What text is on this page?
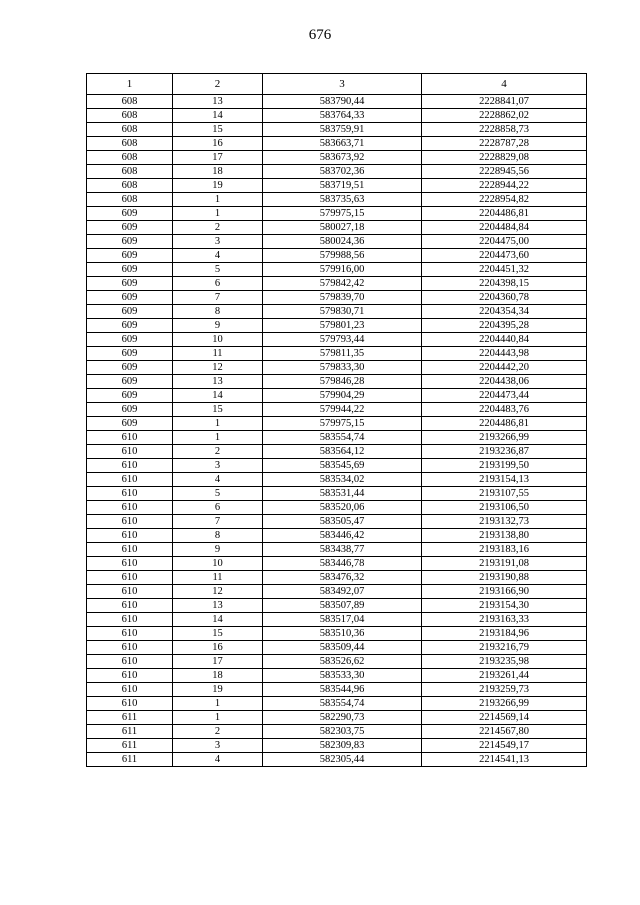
676
1	2	3	4
608	13	583790,44	2228841,07
608	14	583764,33	2228862,02
608	15	583759,91	2228858,73
608	16	583663,71	2228787,28
608	17	583673,92	2228829,08
608	18	583702,36	2228945,56
608	19	583719,51	2228944,22
608	1	583735,63	2228954,82
609	1	579975,15	2204486,81
609	2	580027,18	2204484,84
609	3	580024,36	2204475,00
609	4	579988,56	2204473,60
609	5	579916,00	2204451,32
609	6	579842,42	2204398,15
609	7	579839,70	2204360,78
609	8	579830,71	2204354,34
609	9	579801,23	2204395,28
609	10	579793,44	2204440,84
609	11	579811,35	2204443,98
609	12	579833,30	2204442,20
609	13	579846,28	2204438,06
609	14	579904,29	2204473,44
609	15	579944,22	2204483,76
609	1	579975,15	2204486,81
610	1	583554,74	2193266,99
610	2	583564,12	2193236,87
610	3	583545,69	2193199,50
610	4	583534,02	2193154,13
610	5	583531,44	2193107,55
610	6	583520,06	2193106,50
610	7	583505,47	2193132,73
610	8	583446,42	2193138,80
610	9	583438,77	2193183,16
610	10	583446,78	2193191,08
610	11	583476,32	2193190,88
610	12	583492,07	2193166,90
610	13	583507,89	2193154,30
610	14	583517,04	2193163,33
610	15	583510,36	2193184,96
610	16	583509,44	2193216,79
610	17	583526,62	2193235,98
610	18	583533,30	2193261,44
610	19	583544,96	2193259,73
610	1	583554,74	2193266,99
611	1	582290,73	2214569,14
611	2	582303,75	2214567,80
611	3	582309,83	2214549,17
611	4	582305,44	2214541,13
